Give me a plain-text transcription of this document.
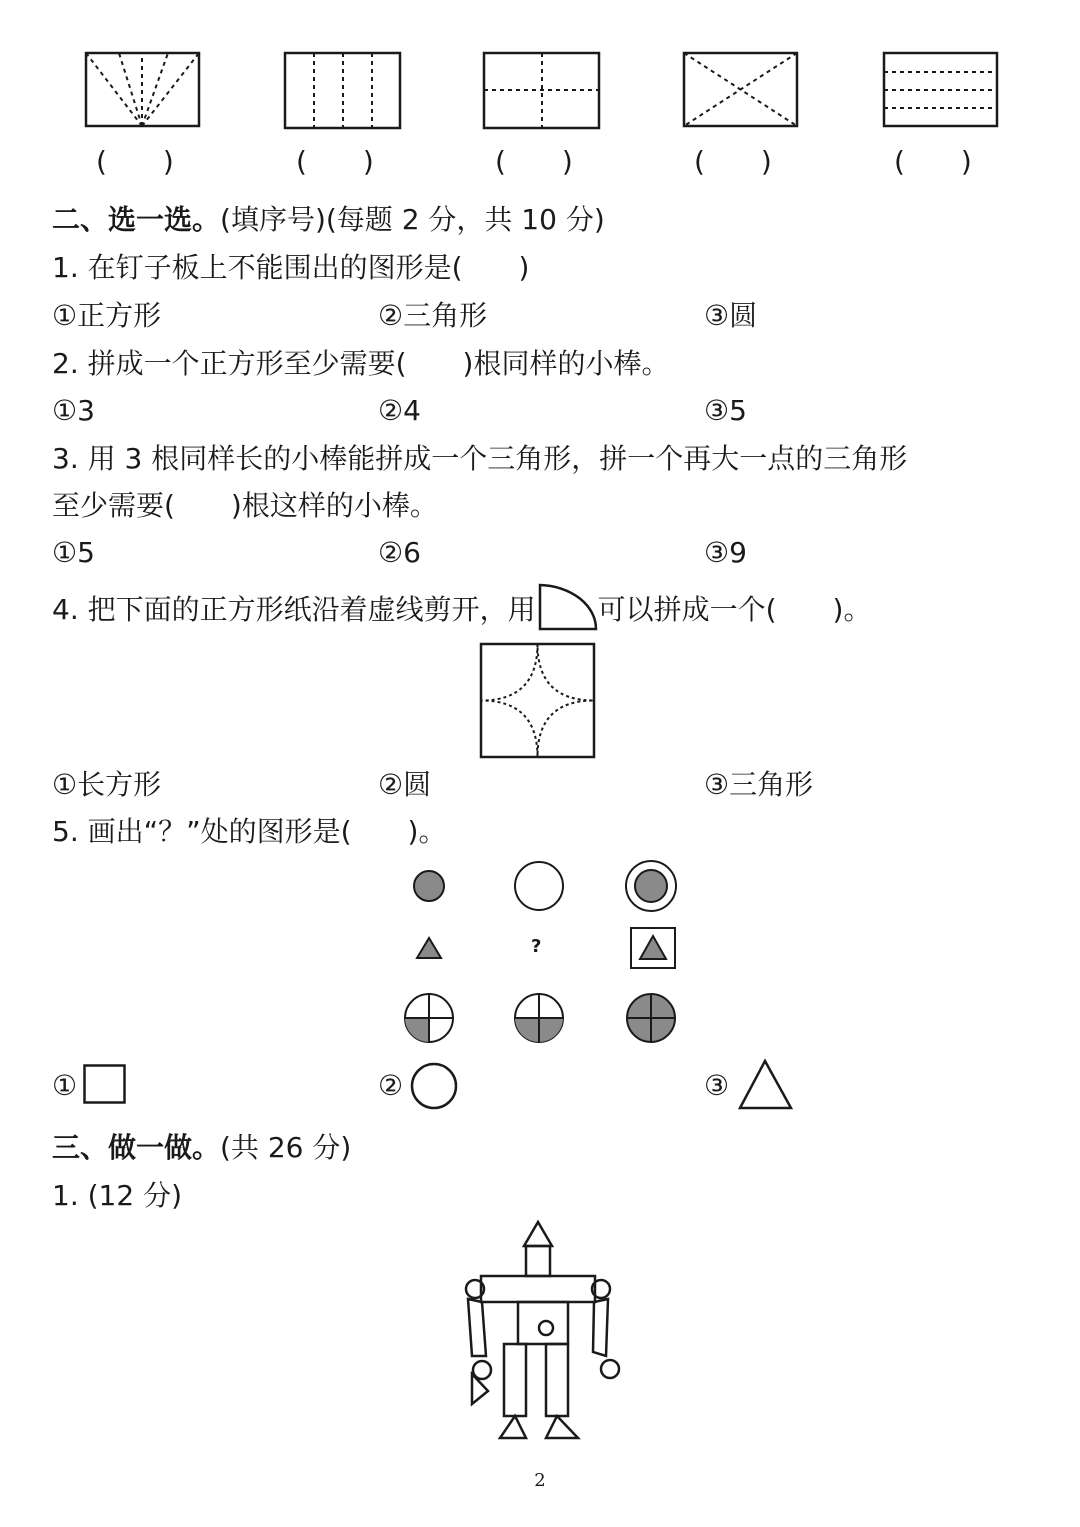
(　　)	(　　)	(　　)	(　　)	(　　)
二、选一选。(填序号)(每题 2 分，共 10 分)
1. 在钉子板上不能围出的图形是(　　)
①正方形	②三角形	③圆
2. 拼成一个正方形至少需要(　　)根同样的小棒。
①3	②4	③5
3. 用 3 根同样长的小棒能拼成一个三角形，拼一个再大一点的三角形
至少需要(　　)根这样的小棒。
①5	②6	③9
4. 把下面的正方形纸沿着虚线剪开，用 可以拼成一个(　　)。
①长方形	②圆	③三角形
5. 画出“？”处的图形是(　　)。
?
①	②	③
三、做一做。(共 26 分)
1. (12 分)
2
